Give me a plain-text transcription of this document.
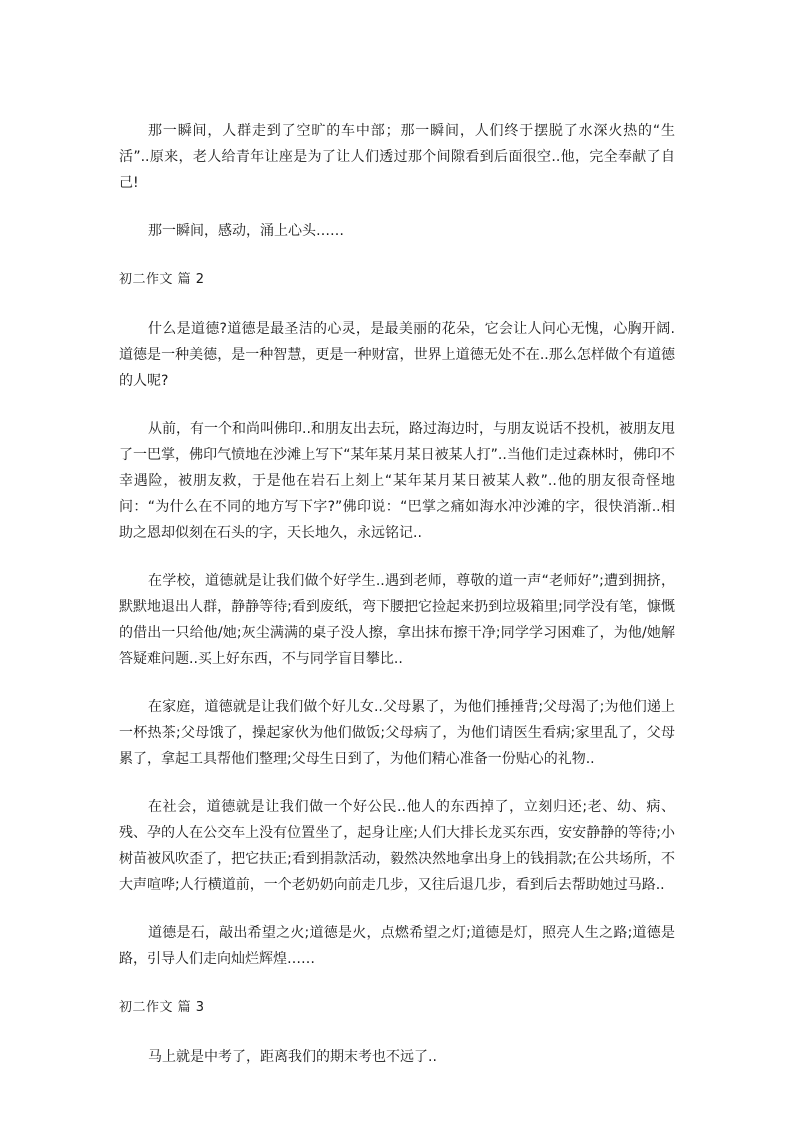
那一瞬间，人群走到了空旷的车中部；那一瞬间，人们终于摆脱了水深火热的“生活”..原来，老人给青年让座是为了让人们透过那个间隙看到后面很空..他，完全奉献了自己!

那一瞬间，感动，涌上心头……

初二作文 篇 2

什么是道德?道德是最圣洁的心灵，是最美丽的花朵，它会让人问心无愧，心胸开阔.道德是一种美德，是一种智慧，更是一种财富，世界上道德无处不在..那么怎样做个有道德的人呢?

从前，有一个和尚叫佛印..和朋友出去玩，路过海边时，与朋友说话不投机，被朋友甩了一巴掌，佛印气愤地在沙滩上写下“某年某月某日被某人打”..当他们走过森林时，佛印不幸遇险，被朋友救，于是他在岩石上刻上“某年某月某日被某人救”..他的朋友很奇怪地问：“为什么在不同的地方写下字?”佛印说：“巴掌之痛如海水冲沙滩的字，很快消渐..相助之恩却似刻在石头的字，天长地久，永远铭记..

在学校，道德就是让我们做个好学生..遇到老师，尊敬的道一声“老师好”;遭到拥挤，默默地退出人群，静静等待;看到废纸，弯下腰把它捡起来扔到垃圾箱里;同学没有笔，慷慨的借出一只给他/她;灰尘满满的桌子没人擦，拿出抹布擦干净;同学学习困难了，为他/她解答疑难问题..买上好东西，不与同学盲目攀比..

在家庭，道德就是让我们做个好儿女..父母累了，为他们捶捶背;父母渴了;为他们递上一杯热茶;父母饿了，操起家伙为他们做饭;父母病了，为他们请医生看病;家里乱了，父母累了，拿起工具帮他们整理;父母生日到了，为他们精心准备一份贴心的礼物..

在社会，道德就是让我们做一个好公民..他人的东西掉了，立刻归还;老、幼、病、残、孕的人在公交车上没有位置坐了，起身让座;人们大排长龙买东西，安安静静的等待;小树苗被风吹歪了，把它扶正;看到捐款活动，毅然决然地拿出身上的钱捐款;在公共场所，不大声喧哗;人行横道前，一个老奶奶向前走几步，又往后退几步，看到后去帮助她过马路..

道德是石，敲出希望之火;道德是火，点燃希望之灯;道德是灯，照亮人生之路;道德是路，引导人们走向灿烂辉煌……

初二作文 篇 3

马上就是中考了，距离我们的期末考也不远了..
